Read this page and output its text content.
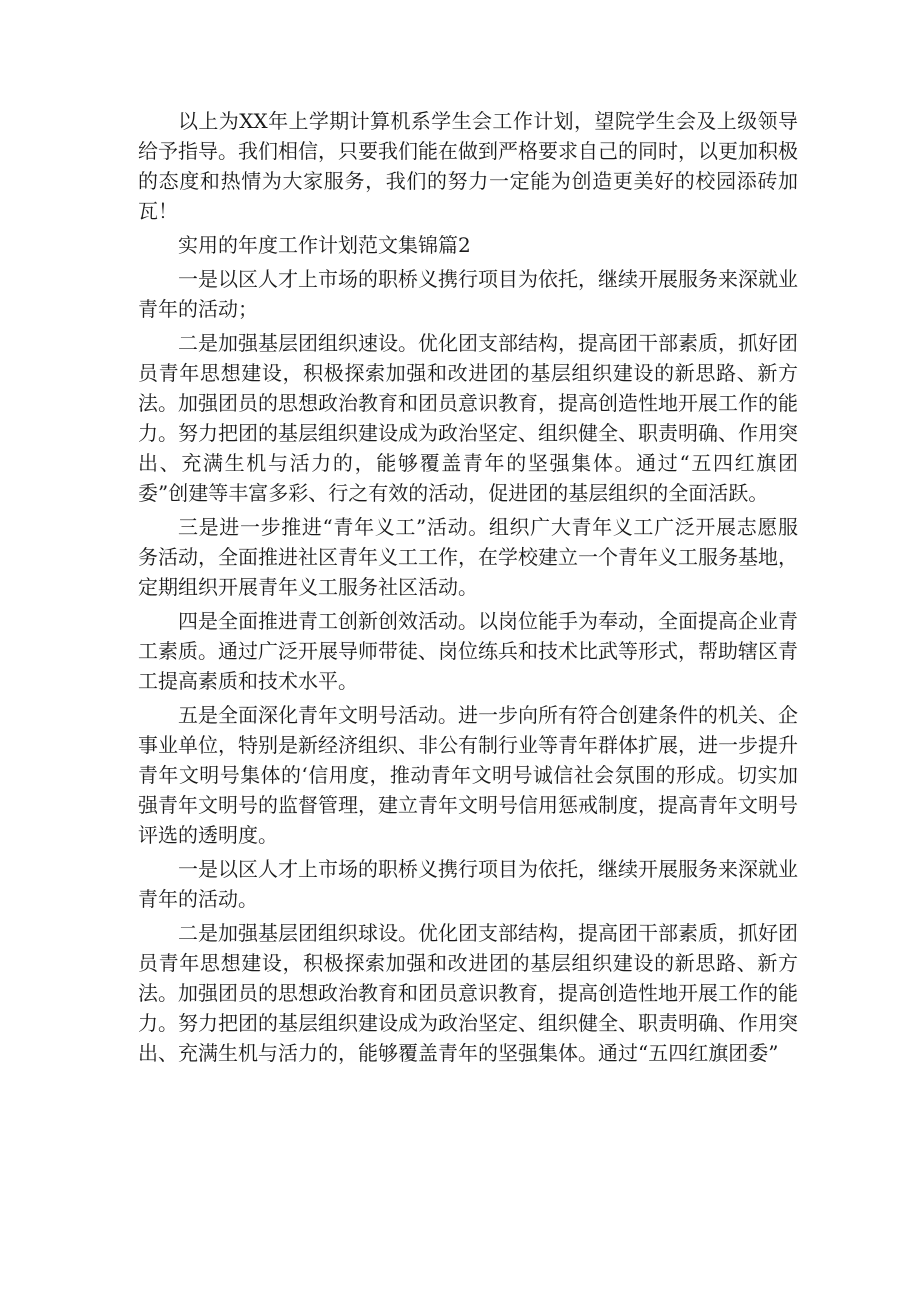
以上为XX年上学期计算机系学生会工作计划，望院学生会及上级领导给予指导。我们相信，只要我们能在做到严格要求自己的同时，以更加积极的态度和热情为大家服务，我们的努力一定能为创造更美好的校园添砖加瓦！

实用的年度工作计划范文集锦篇2

一是以区人才上市场的职桥义携行项目为依托，继续开展服务来深就业青年的活动；

二是加强基层团组织速设。优化团支部结构，提高团干部素质，抓好团员青年思想建设，积极探索加强和改进团的基层组织建设的新思路、新方法。加强团员的思想政治教育和团员意识教育，提高创造性地开展工作的能力。努力把团的基层组织建设成为政治坚定、组织健全、职责明确、作用突出、充满生机与活力的，能够覆盖青年的坚强集体。通过“五四红旗团委”创建等丰富多彩、行之有效的活动，促进团的基层组织的全面活跃。

三是进一步推进“青年义工”活动。组织广大青年义工广泛开展志愿服务活动，全面推进社区青年义工工作，在学校建立一个青年义工服务基地，定期组织开展青年义工服务社区活动。

四是全面推进青工创新创效活动。以岗位能手为奉动，全面提高企业青工素质。通过广泛开展导师带徒、岗位练兵和技术比武等形式，帮助辖区青工提高素质和技术水平。

五是全面深化青年文明号活动。进一步向所有符合创建条件的机关、企事业单位，特别是新经济组织、非公有制行业等青年群体扩展，进一步提升青年文明号集体的‘信用度，推动青年文明号诚信社会氛围的形成。切实加强青年文明号的监督管理，建立青年文明号信用惩戒制度，提高青年文明号评选的透明度。

一是以区人才上市场的职桥义携行项目为依托，继续开展服务来深就业青年的活动。

二是加强基层团组织球设。优化团支部结构，提高团干部素质，抓好团员青年思想建设，积极探索加强和改进团的基层组织建设的新思路、新方法。加强团员的思想政治教育和团员意识教育，提高创造性地开展工作的能力。努力把团的基层组织建设成为政治坚定、组织健全、职责明确、作用突出、充满生机与活力的，能够覆盖青年的坚强集体。通过“五四红旗团委”
